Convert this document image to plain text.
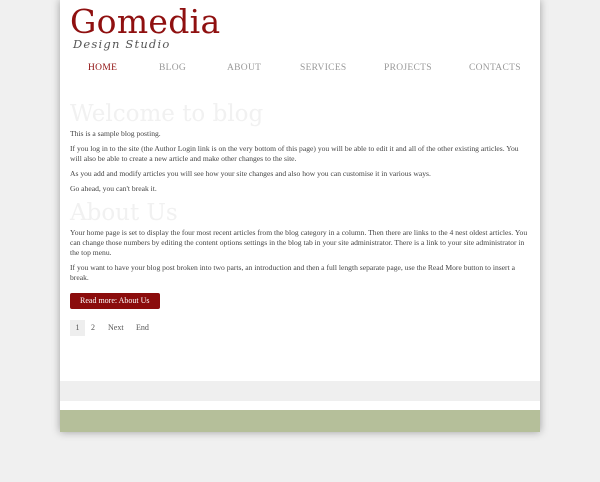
Gomedia
Design Studio
HOME	BLOG	ABOUT	SERVICES	PROJECTS	CONTACTS
Welcome to blog

This is a sample blog posting.

If you log in to the site (the Author Login link is on the very bottom of this page) you will be able to edit it and all of the other existing articles. You will also be able to create a new article and make other changes to the site.

As you add and modify articles you will see how your site changes and also how you can customise it in various ways.

Go ahead, you can't break it.

About Us

Your home page is set to display the four most recent articles from the blog category in a column. Then there are links to the 4 nest oldest articles. You can change those numbers by editing the content options settings in the blog tab in your site administrator. There is a link to your site administrator in the top menu.

If you want to have your blog post broken into two parts, an introduction and then a full length separate page, use the Read More button to insert a break.

Read more: About Us
1	2 Next End
